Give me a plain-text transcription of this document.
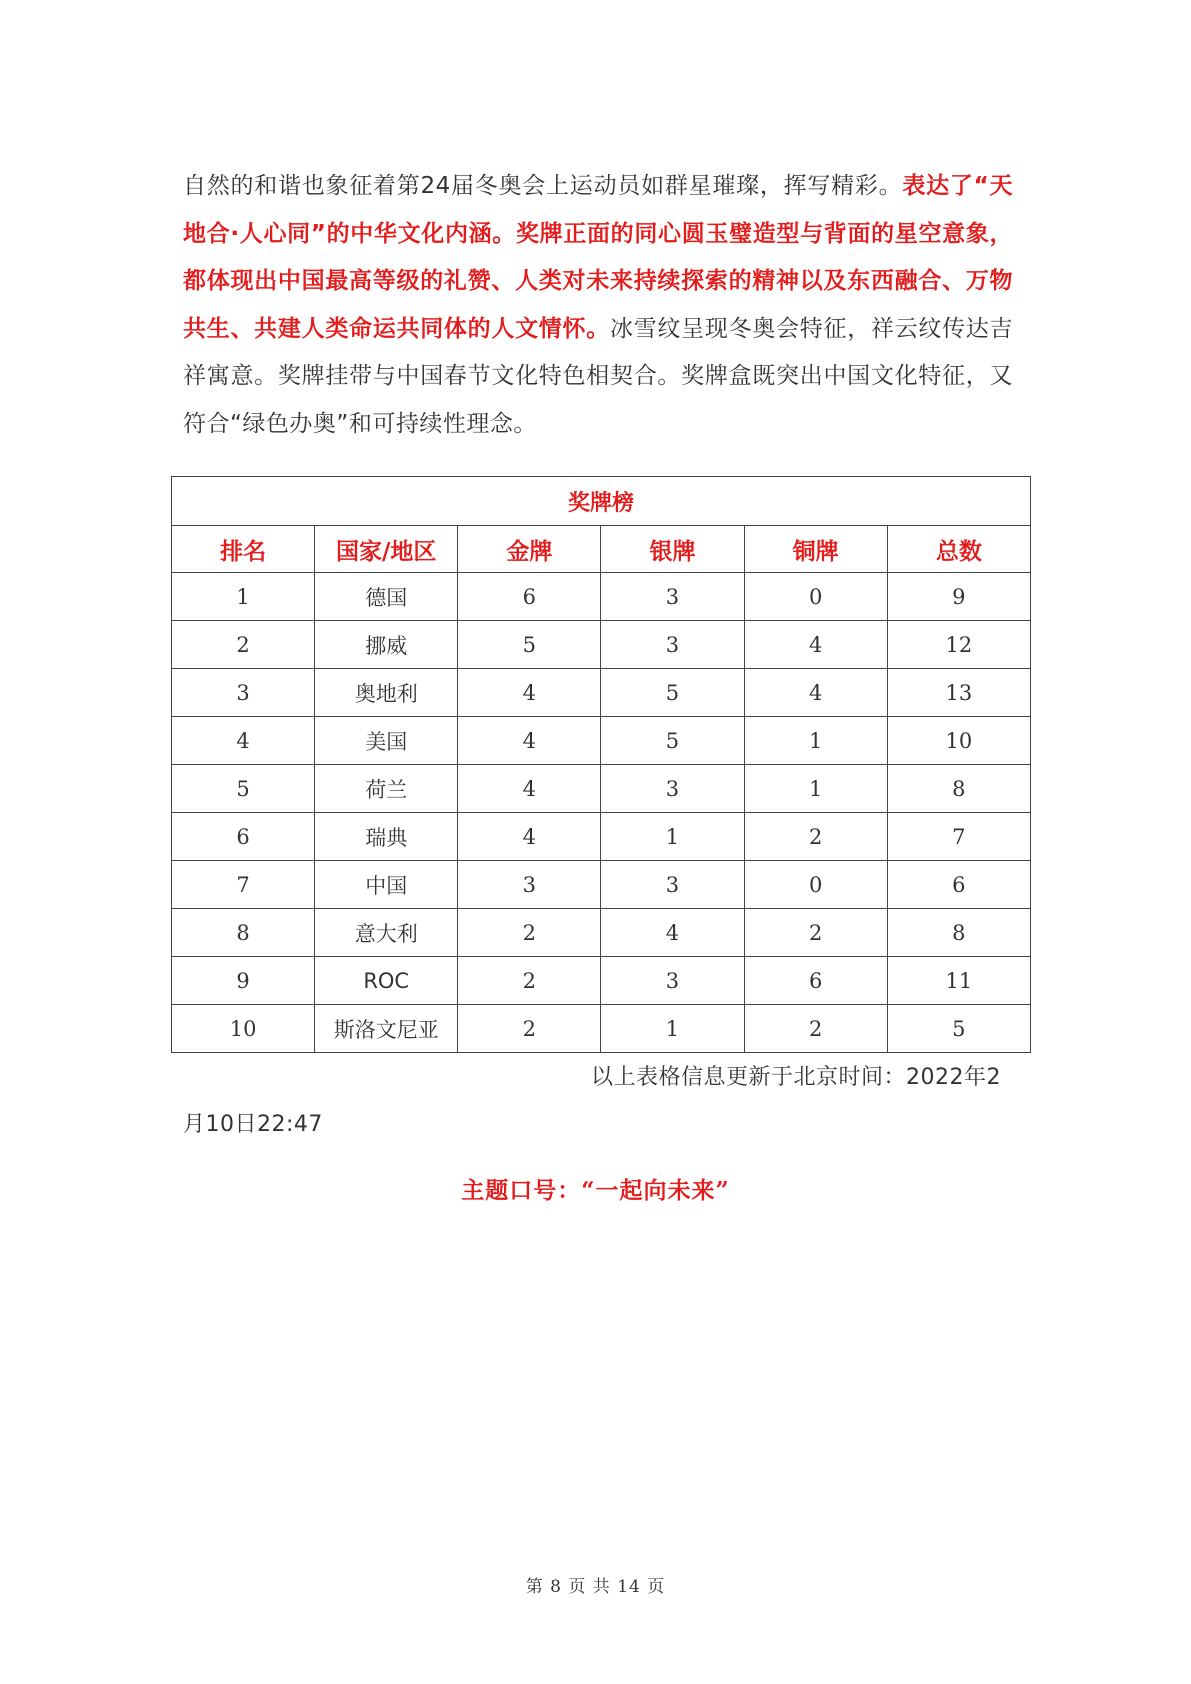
自然的和谐也象征着第24届冬奥会上运动员如群星璀璨，挥写精彩。表达了“天地合·人心同”的中华文化内涵。奖牌正面的同心圆玉璧造型与背面的星空意象，都体现出中国最高等级的礼赞、人类对未来持续探索的精神以及东西融合、万物共生、共建人类命运共同体的人文情怀。冰雪纹呈现冬奥会特征，祥云纹传达吉祥寓意。奖牌挂带与中国春节文化特色相契合。奖牌盒既突出中国文化特征，又符合“绿色办奥”和可持续性理念。

奖牌榜					
排名	国家/地区	金牌	银牌	铜牌	总数
1	德国	6	3	0	9
2	挪威	5	3	4	12
3	奥地利	4	5	4	13
4	美国	4	5	1	10
5	荷兰	4	3	1	8
6	瑞典	4	1	2	7
7	中国	3	3	0	6
8	意大利	2	4	2	8
9	ROC	2	3	6	11
10	斯洛文尼亚	2	1	2	5
以上表格信息更新于北京时间：2022年2
月10日22:47
主题口号：“一起向未来”
第 8 页 共 14 页
